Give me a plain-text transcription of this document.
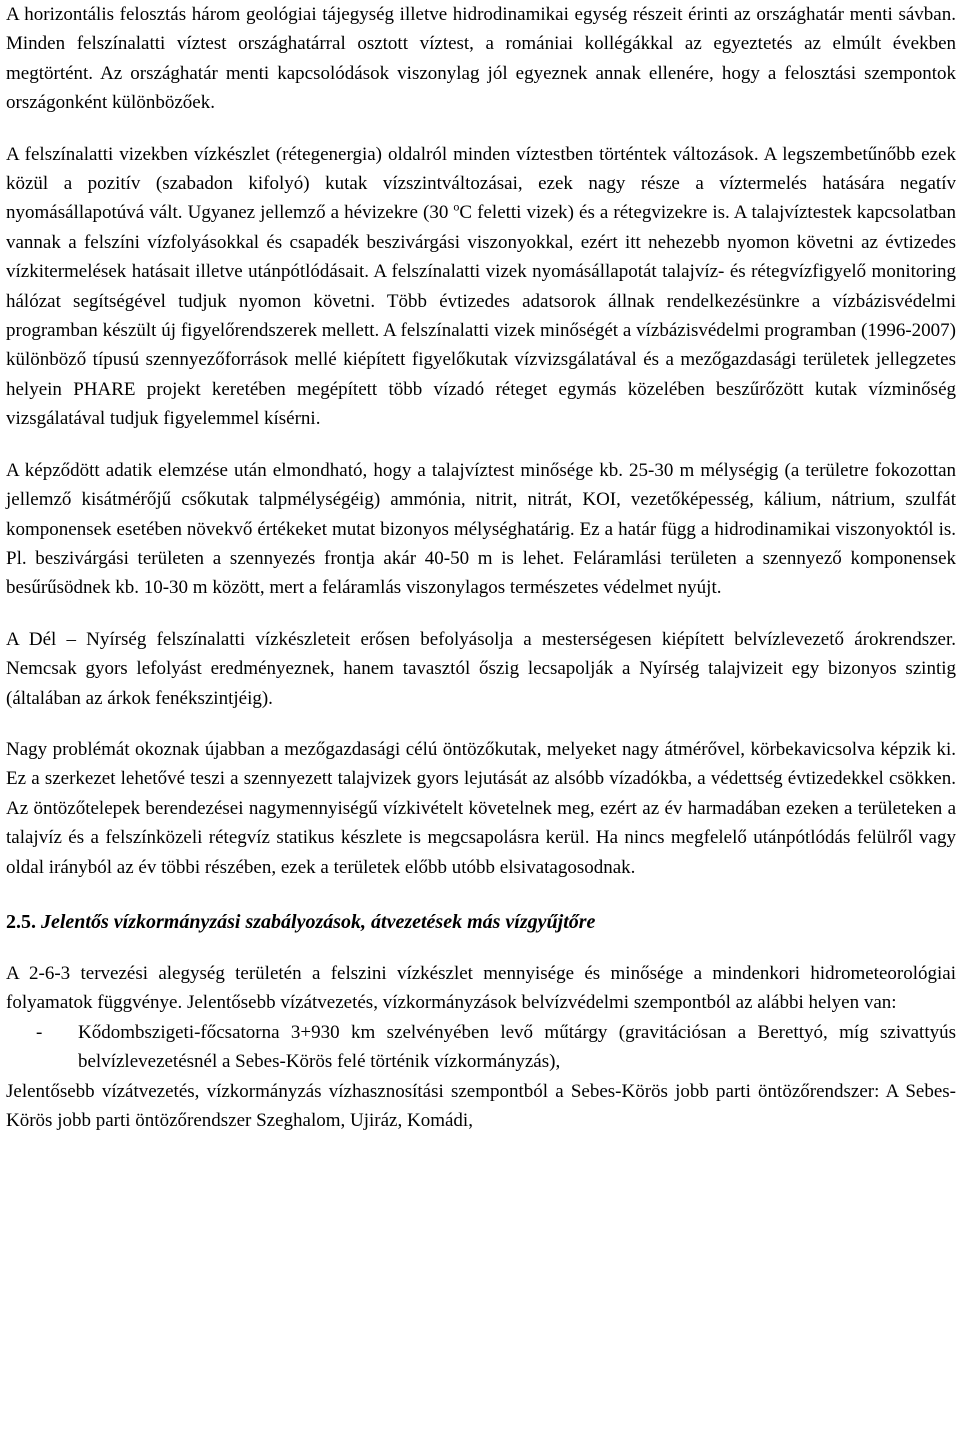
A horizontális felosztás három geológiai tájegység illetve hidrodinamikai egység részeit érinti az országhatár menti sávban. Minden felszínalatti víztest országhatárral osztott víztest, a romániai kollégákkal az egyeztetés az elmúlt években megtörtént. Az országhatár menti kapcsolódások viszonylag jól egyeznek annak ellenére, hogy a felosztási szempontok országonként különbözőek.

A felszínalatti vizekben vízkészlet (rétegenergia) oldalról minden víztestben történtek változások. A legszembetűnőbb ezek közül a pozitív (szabadon kifolyó) kutak vízszintváltozásai, ezek nagy része a víztermelés hatására negatív nyomásállapotúvá vált. Ugyanez jellemző a hévizekre (30 $^o$C feletti vizek) és a rétegvizekre is. A talajvíztestek kapcsolatban vannak a felszíni vízfolyásokkal és csapadék beszivárgási viszonyokkal, ezért itt nehezebb nyomon követni az évtizedes vízkitermelések hatásait illetve utánpótlódásait. A felszínalatti vizek nyomásállapotát talajvíz- és rétegvízfigyelő monitoring hálózat segítségével tudjuk nyomon követni. Több évtizedes adatsorok állnak rendelkezésünkre a vízbázisvédelmi programban készült új figyelőrendszerek mellett. A felszínalatti vizek minőségét a vízbázisvédelmi programban (1996-2007) különböző típusú szennyezőforrások mellé kiépített figyelőkutak vízvizsgálatával és a mezőgazdasági területek jellegzetes helyein PHARE projekt keretében megépített több vízadó réteget egymás közelében beszűrőzött kutak vízminőség vizsgálatával tudjuk figyelemmel kísérni.

A képződött adatik elemzése után elmondható, hogy a talajvíztest minősége kb. 25-30 m mélységig (a területre fokozottan jellemző kisátmérőjű csőkutak talpmélységéig) ammónia, nitrit, nitrát, KOI, vezetőképesség, kálium, nátrium, szulfát komponensek esetében növekvő értékeket mutat bizonyos mélységhatárig. Ez a határ függ a hidrodinamikai viszonyoktól is. Pl. beszivárgási területen a szennyezés frontja akár 40-50 m is lehet. Feláramlási területen a szennyező komponensek besűrűsödnek kb. 10-30 m között, mert a feláramlás viszonylagos természetes védelmet nyújt.

A Dél – Nyírség felszínalatti vízkészleteit erősen befolyásolja a mesterségesen kiépített belvízlevezető árokrendszer. Nemcsak gyors lefolyást eredményeznek, hanem tavasztól őszig lecsapolják a Nyírség talajvizeit egy bizonyos szintig (általában az árkok fenékszintjéig).

Nagy problémát okoznak újabban a mezőgazdasági célú öntözőkutak, melyeket nagy átmérővel, körbekavicsolva képzik ki. Ez a szerkezet lehetővé teszi a szennyezett talajvizek gyors lejutását az alsóbb vízadókba, a védettség évtizedekkel csökken. Az öntözőtelepek berendezései nagymennyiségű vízkivételt követelnek meg, ezért az év harmadában ezeken a területeken a talajvíz és a felszínközeli rétegvíz statikus készlete is megcsapolásra kerül. Ha nincs megfelelő utánpótlódás felülről vagy oldal irányból az év többi részében, ezek a területek előbb utóbb elsivatagosodnak.

2.5. Jelentős vízkormányzási szabályozások, átvezetések más vízgyűjtőre

A 2-6-3 tervezési alegység területén a felszini vízkészlet mennyisége és minősége a mindenkori hidrometeorológiai folyamatok függvénye. Jelentősebb vízátvezetés, vízkormányzások belvízvédelmi szempontból az alábbi helyen van:

- Kődombszigeti-főcsatorna 3+930 km szelvényében levő műtárgy (gravitációsan a Berettyó, míg szivattyús belvízlevezetésnél a Sebes-Körös felé történik vízkormányzás),

Jelentősebb vízátvezetés, vízkormányzás vízhasznosítási szempontból a Sebes-Körös jobb parti öntözőrendszer: A Sebes-Körös jobb parti öntözőrendszer Szeghalom, Ujiráz, Komádi,
